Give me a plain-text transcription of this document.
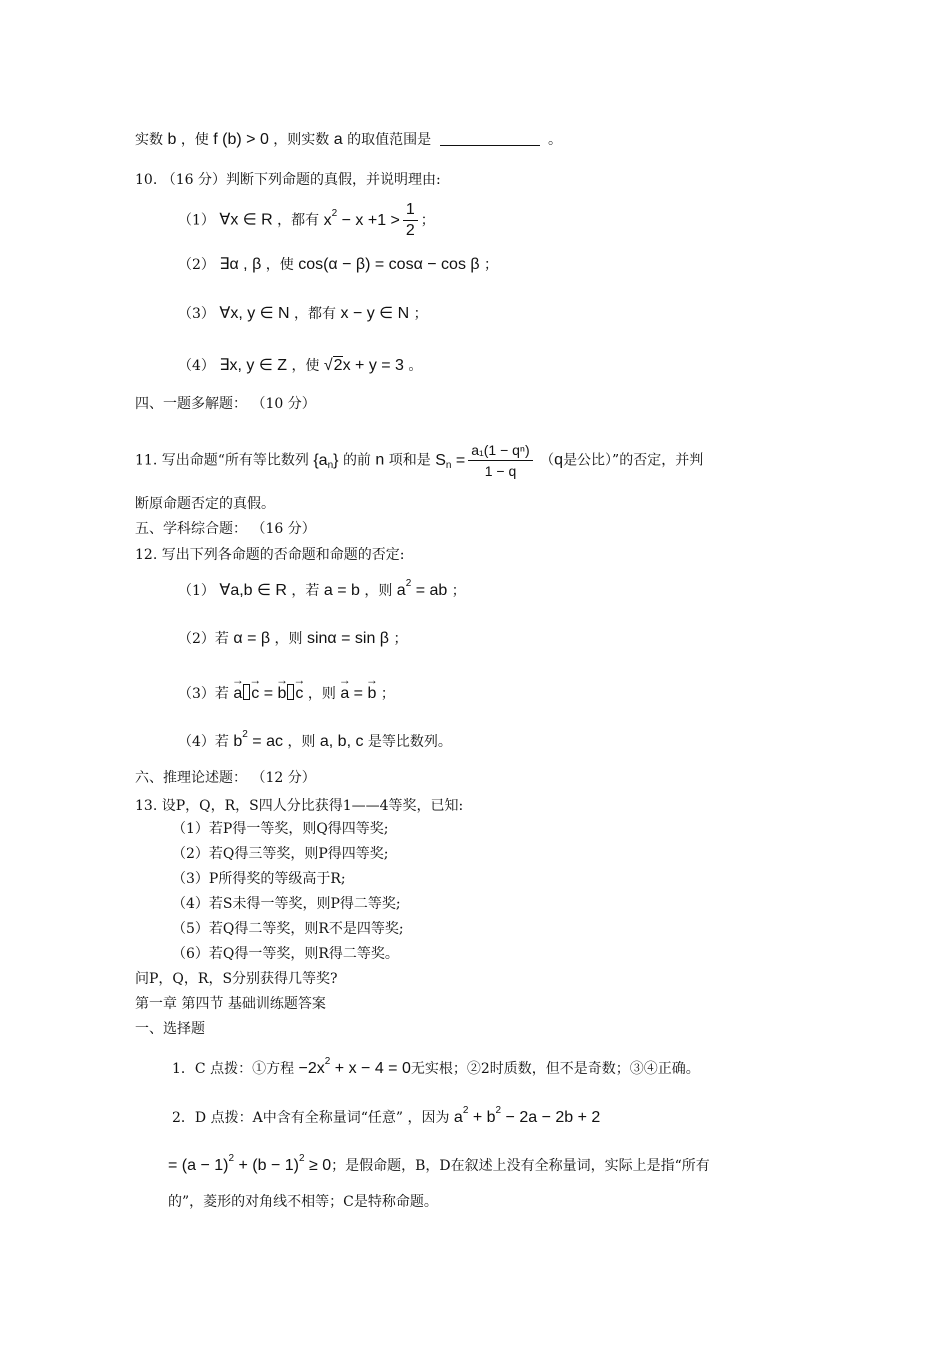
实数 b ，使 f (b) > 0 ，则实数 a 的取值范围是	。
10. （16 分）判断下列命题的真假，并说明理由:
（1） ∀x ∈ R ，都有 $x^2 - x +1 > \frac{1}{2}$ ；
（2） ∃α , β ，使 cos(α − β) = cosα − cos β ；
（3） ∀x, y ∈ N ，都有 x − y ∈ N ；
（4） ∃x, y ∈ Z ，使 √2x + y = 3 。
四、一题多解题： （10 分）
11. 写出命题“所有等比数列 $\{a_n\}$ 的前 n 项和是 $S_n = \frac{\text{a₁(1 − qⁿ)}}{1 - q} (q$是公比）”的否定，并判
断原命题否定的真假。
五、学科综合题： （16 分）
12. 写出下列各命题的否命题和命题的否定:
（1） ∀a,b ∈ R ，若 a = b ，则 $a^2$ = ab ；
（2）若 α = β ，则 sinα = sin β ；
（3）若 → a → c = → b → c ，则 → a = → b ；
（4）若 $b^2$ = ac ，则 a, b, c 是等比数列。
六、推理论述题： （12 分）
13. 设P，Q，R，S四人分比获得1——4等奖，已知:
（1）若P得一等奖，则Q得四等奖;
（2）若Q得三等奖，则P得四等奖;
（3）P所得奖的等级高于R;
（4）若S未得一等奖，则P得二等奖;
（5）若Q得二等奖，则R不是四等奖;
（6）若Q得一等奖，则R得二等奖。
问P，Q，R，S分别获得几等奖?
第一章 第四节 基础训练题答案
一、选择题
1．C 点拨：①方程 $-2x^2 + x - 4 = 0$无实根；②2时质数，但不是奇数；③④正确。
2．D 点拨：A中含有全称量词“任意” ，因为 $a^2 + b^2 - 2a - 2b + 2$
= $(a - 1)^2 + (b - 1)^2 \ge 0$；是假命题，B，D在叙述上没有全称量词，实际上是指“所有
的”，菱形的对角线不相等；C是特称命题。
